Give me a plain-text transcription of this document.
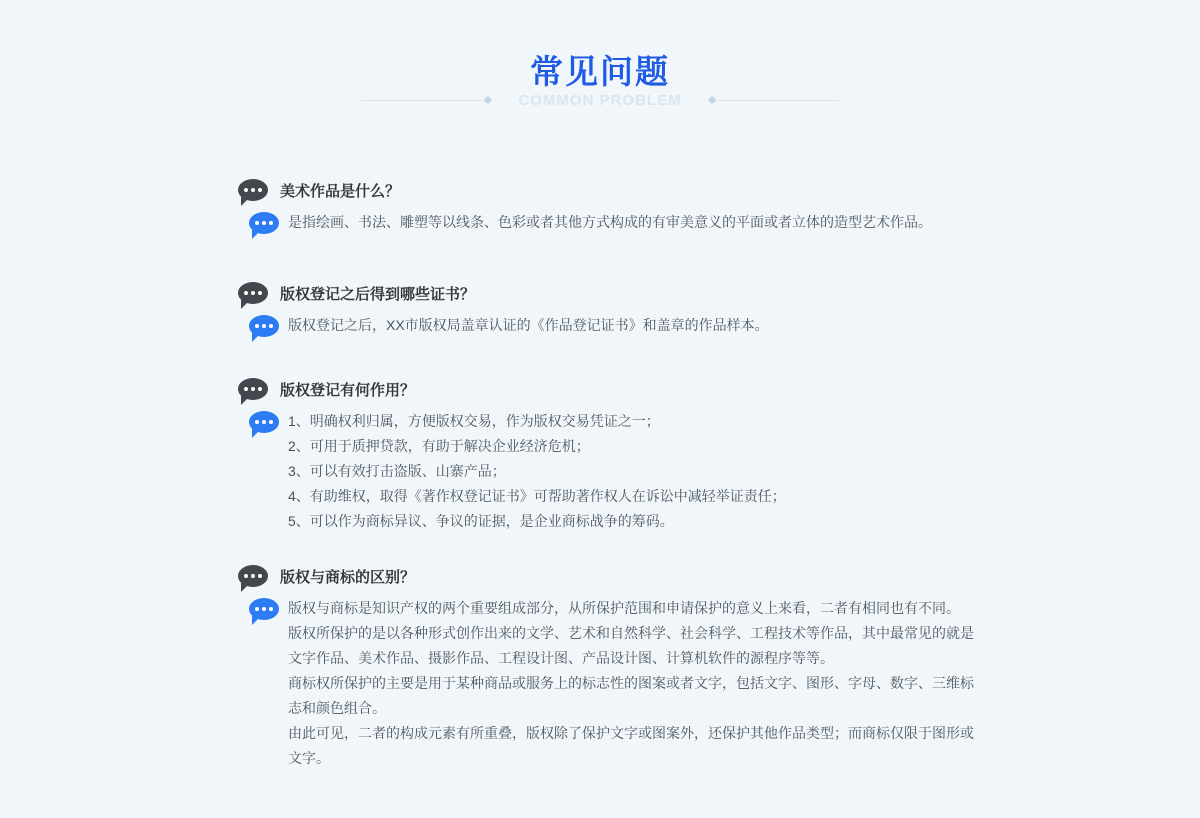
常见问题
COMMON PROBLEM
美术作品是什么？

是指绘画、书法、雕塑等以线条、色彩或者其他方式构成的有审美意义的平面或者立体的造型艺术作品。

版权登记之后得到哪些证书？

版权登记之后，XX市版权局盖章认证的《作品登记证书》和盖章的作品样本。

版权登记有何作用？

1、明确权利归属，方便版权交易，作为版权交易凭证之一；

2、可用于质押贷款，有助于解决企业经济危机；

3、可以有效打击盗版、山寨产品；

4、有助维权，取得《著作权登记证书》可帮助著作权人在诉讼中减轻举证责任；

5、可以作为商标异议、争议的证据，是企业商标战争的筹码。

版权与商标的区别？

版权与商标是知识产权的两个重要组成部分，从所保护范围和申请保护的意义上来看，二者有相同也有不同。

版权所保护的是以各种形式创作出来的文学、艺术和自然科学、社会科学、工程技术等作品，其中最常见的就是文字作品、美术作品、摄影作品、工程设计图、产品设计图、计算机软件的源程序等等。

商标权所保护的主要是用于某种商品或服务上的标志性的图案或者文字，包括文字、图形、字母、数字、三维标志和颜色组合。

由此可见，二者的构成元素有所重叠，版权除了保护文字或图案外，还保护其他作品类型；而商标仅限于图形或文字。
